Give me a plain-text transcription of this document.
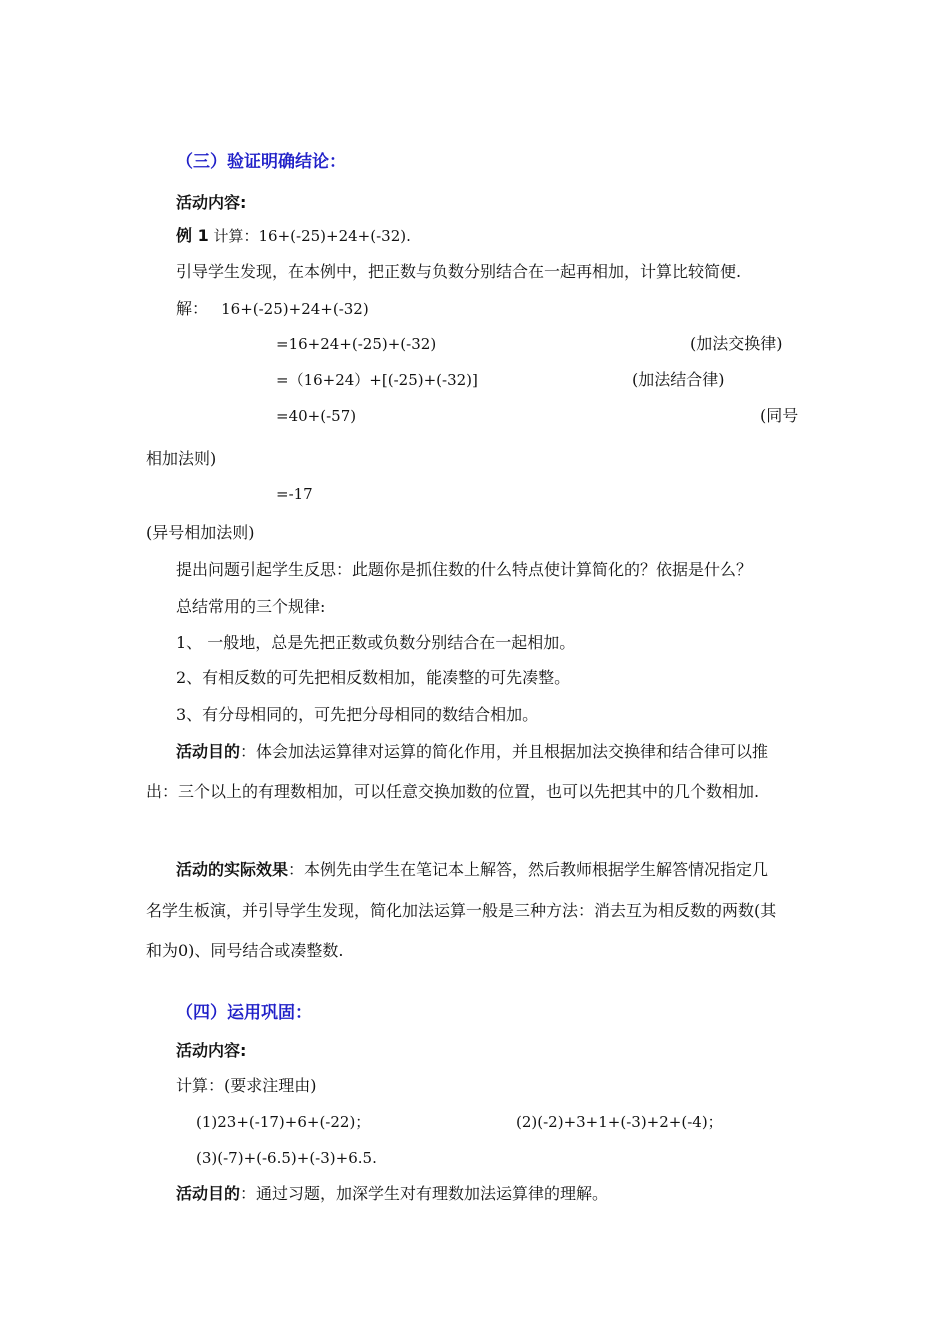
（三）验证明确结论：
活动内容:
例 1 计算：16+(-25)+24+(-32).
引导学生发现，在本例中，把正数与负数分别结合在一起再相加，计算比较简便.
解： 16+(-25)+24+(-32)
=16+24+(-25)+(-32)	(加法交换律)
=（16+24）+[(-25)+(-32)]	(加法结合律)
=40+(-57)	(同号
相加法则)
=-17
(异号相加法则)
提出问题引起学生反思：此题你是抓住数的什么特点使计算简化的？依据是什么？
总结常用的三个规律:
1、 一般地，总是先把正数或负数分别结合在一起相加。
2、有相反数的可先把相反数相加，能凑整的可先凑整。
3、有分母相同的，可先把分母相同的数结合相加。
活动目的：体会加法运算律对运算的简化作用，并且根据加法交换律和结合律可以推
出：三个以上的有理数相加，可以任意交换加数的位置，也可以先把其中的几个数相加.
活动的实际效果：本例先由学生在笔记本上解答，然后教师根据学生解答情况指定几
名学生板演，并引导学生发现，简化加法运算一般是三种方法：消去互为相反数的两数(其
和为0)、同号结合或凑整数.
（四）运用巩固：
活动内容:
计算：(要求注理由)
(1)23+(-17)+6+(-22)；	(2)(-2)+3+1+(-3)+2+(-4)；
(3)(-7)+(-6.5)+(-3)+6.5.
活动目的：通过习题，加深学生对有理数加法运算律的理解。
